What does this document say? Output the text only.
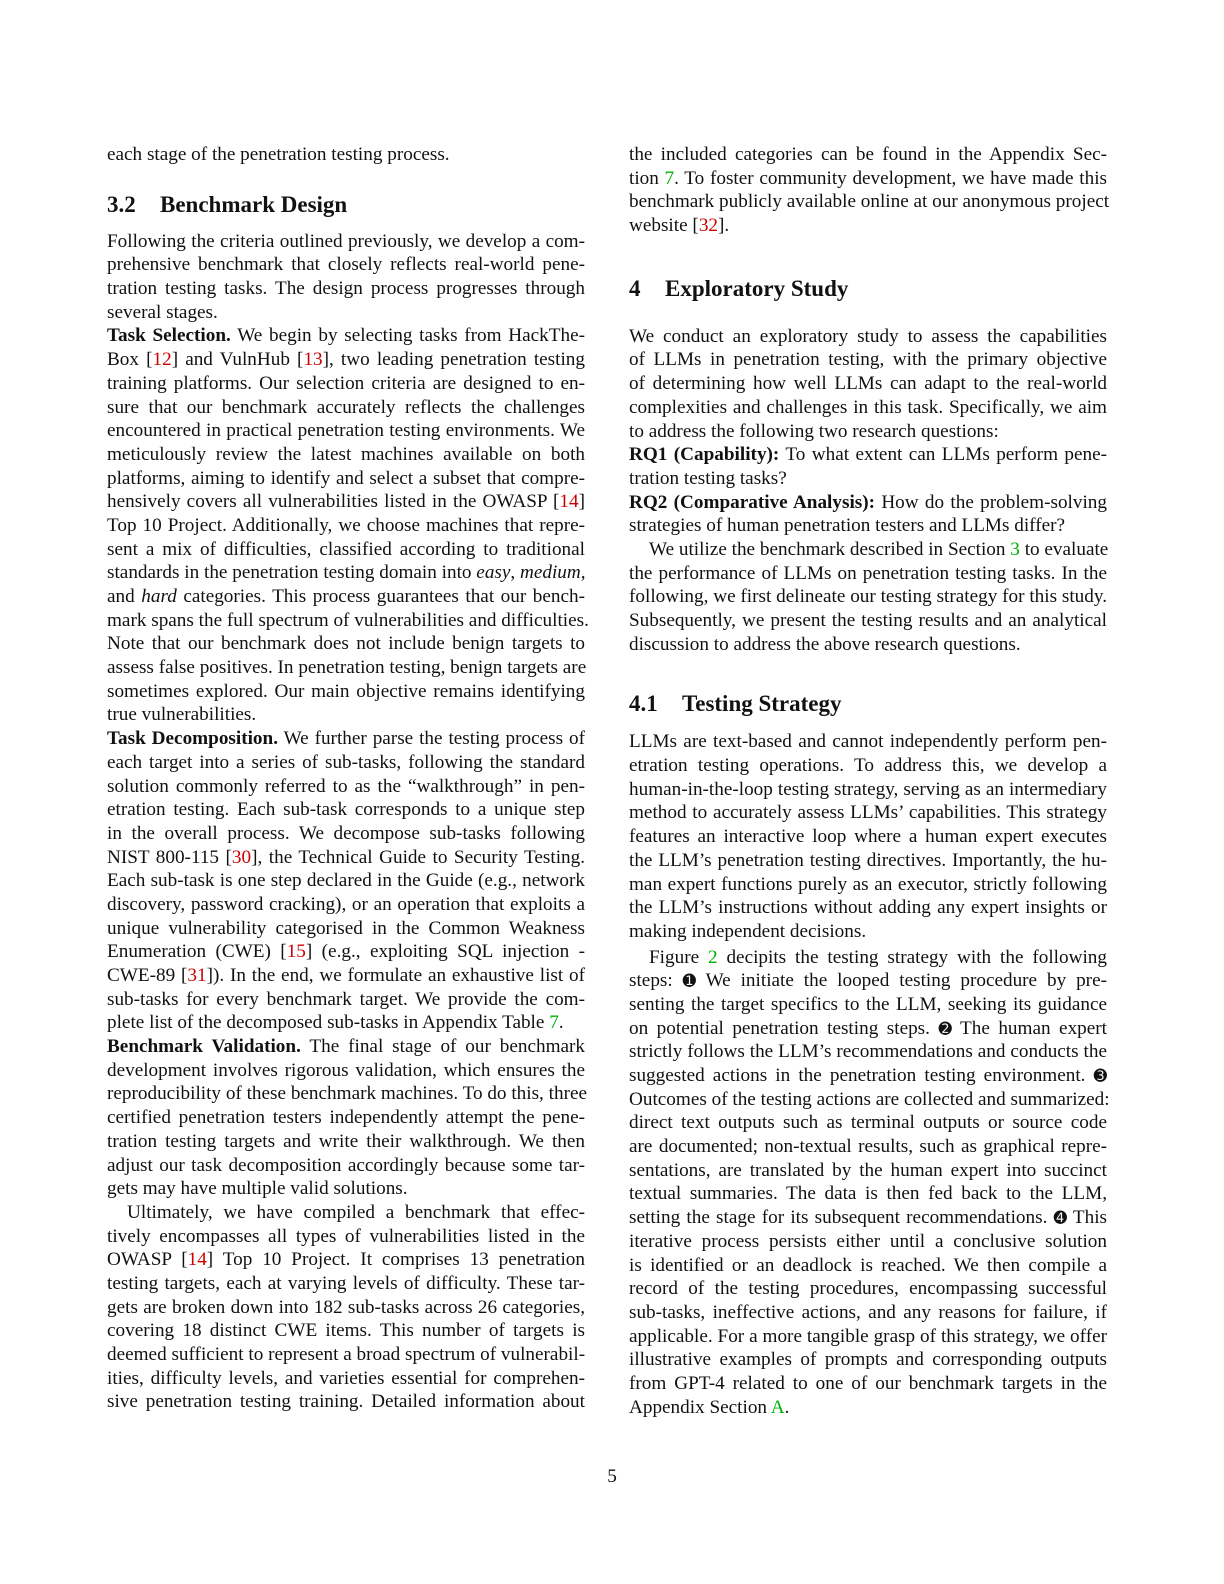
each stage of the penetration testing process.
3.2 Benchmark Design
Following the criteria outlined previously, we develop a com-
prehensive benchmark that closely reflects real-world pene-
tration testing tasks. The design process progresses through
several stages.
Task Selection. We begin by selecting tasks from HackThe-
Box [12] and VulnHub [13], two leading penetration testing
training platforms. Our selection criteria are designed to en-
sure that our benchmark accurately reflects the challenges
encountered in practical penetration testing environments. We
meticulously review the latest machines available on both
platforms, aiming to identify and select a subset that compre-
hensively covers all vulnerabilities listed in the OWASP [14]
Top 10 Project. Additionally, we choose machines that repre-
sent a mix of difficulties, classified according to traditional
standards in the penetration testing domain into easy, medium,
and hard categories. This process guarantees that our bench-
mark spans the full spectrum of vulnerabilities and difficulties.
Note that our benchmark does not include benign targets to
assess false positives. In penetration testing, benign targets are
sometimes explored. Our main objective remains identifying
true vulnerabilities.
Task Decomposition. We further parse the testing process of
each target into a series of sub-tasks, following the standard
solution commonly referred to as the “walkthrough” in pen-
etration testing. Each sub-task corresponds to a unique step
in the overall process. We decompose sub-tasks following
NIST 800-115 [30], the Technical Guide to Security Testing.
Each sub-task is one step declared in the Guide (e.g., network
discovery, password cracking), or an operation that exploits a
unique vulnerability categorised in the Common Weakness
Enumeration (CWE) [15] (e.g., exploiting SQL injection -
CWE-89 [31]). In the end, we formulate an exhaustive list of
sub-tasks for every benchmark target. We provide the com-
plete list of the decomposed sub-tasks in Appendix Table 7.
Benchmark Validation. The final stage of our benchmark
development involves rigorous validation, which ensures the
reproducibility of these benchmark machines. To do this, three
certified penetration testers independently attempt the pene-
tration testing targets and write their walkthrough. We then
adjust our task decomposition accordingly because some tar-
gets may have multiple valid solutions.
Ultimately, we have compiled a benchmark that effec-
tively encompasses all types of vulnerabilities listed in the
OWASP [14] Top 10 Project. It comprises 13 penetration
testing targets, each at varying levels of difficulty. These tar-
gets are broken down into 182 sub-tasks across 26 categories,
covering 18 distinct CWE items. This number of targets is
deemed sufficient to represent a broad spectrum of vulnerabil-
ities, difficulty levels, and varieties essential for comprehen-
sive penetration testing training. Detailed information about
the included categories can be found in the Appendix Sec-
tion 7. To foster community development, we have made this
benchmark publicly available online at our anonymous project
website [32].
4 Exploratory Study
We conduct an exploratory study to assess the capabilities
of LLMs in penetration testing, with the primary objective
of determining how well LLMs can adapt to the real-world
complexities and challenges in this task. Specifically, we aim
to address the following two research questions:
RQ1 (Capability): To what extent can LLMs perform pene-
tration testing tasks?
RQ2 (Comparative Analysis): How do the problem-solving
strategies of human penetration testers and LLMs differ?
We utilize the benchmark described in Section 3 to evaluate
the performance of LLMs on penetration testing tasks. In the
following, we first delineate our testing strategy for this study.
Subsequently, we present the testing results and an analytical
discussion to address the above research questions.
4.1 Testing Strategy
LLMs are text-based and cannot independently perform pen-
etration testing operations. To address this, we develop a
human-in-the-loop testing strategy, serving as an intermediary
method to accurately assess LLMs’ capabilities. This strategy
features an interactive loop where a human expert executes
the LLM’s penetration testing directives. Importantly, the hu-
man expert functions purely as an executor, strictly following
the LLM’s instructions without adding any expert insights or
making independent decisions.
Figure 2 decipits the testing strategy with the following
steps: ➊ We initiate the looped testing procedure by pre-
senting the target specifics to the LLM, seeking its guidance
on potential penetration testing steps. ➋ The human expert
strictly follows the LLM’s recommendations and conducts the
suggested actions in the penetration testing environment. ➌
Outcomes of the testing actions are collected and summarized:
direct text outputs such as terminal outputs or source code
are documented; non-textual results, such as graphical repre-
sentations, are translated by the human expert into succinct
textual summaries. The data is then fed back to the LLM,
setting the stage for its subsequent recommendations. ➍ This
iterative process persists either until a conclusive solution
is identified or an deadlock is reached. We then compile a
record of the testing procedures, encompassing successful
sub-tasks, ineffective actions, and any reasons for failure, if
applicable. For a more tangible grasp of this strategy, we offer
illustrative examples of prompts and corresponding outputs
from GPT-4 related to one of our benchmark targets in the
Appendix Section A.
5
